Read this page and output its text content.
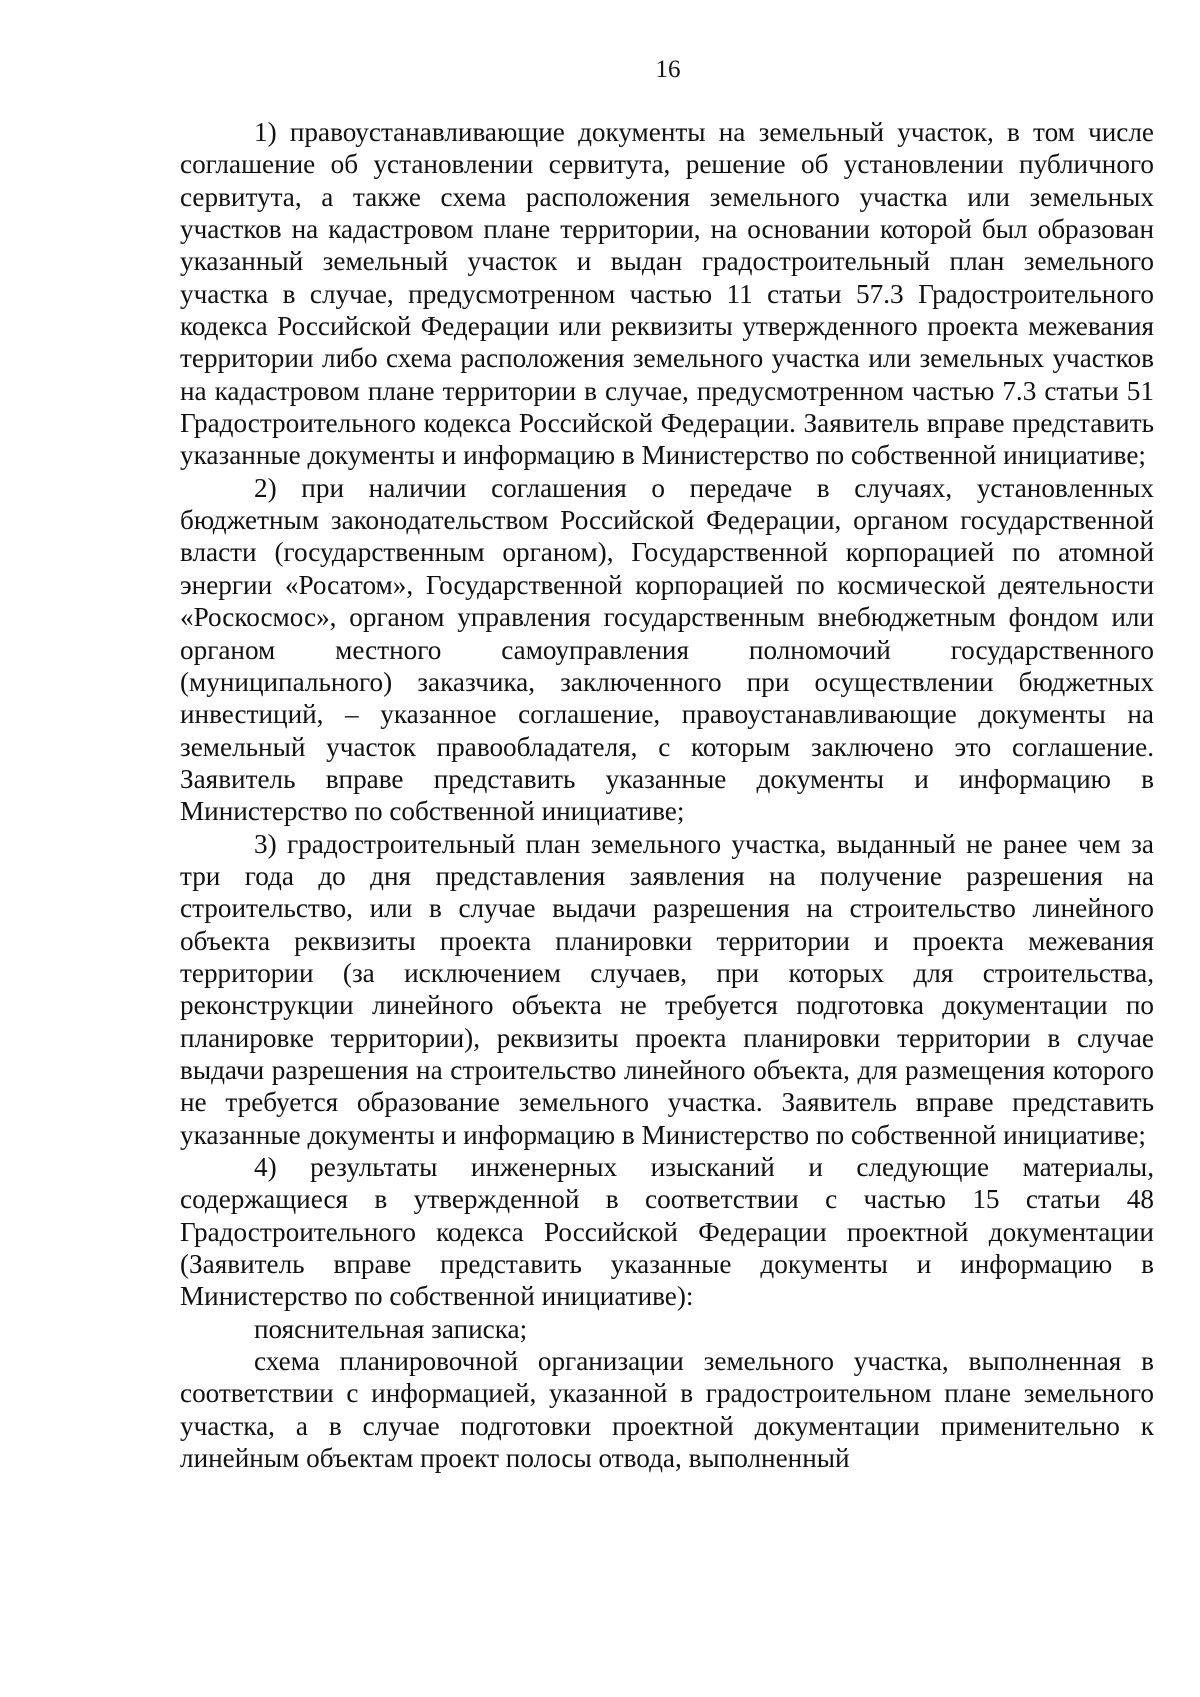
16

1) правоустанавливающие документы на земельный участок, в том числе соглашение об установлении сервитута, решение об установлении публичного сервитута, а также схема расположения земельного участка или земельных участков на кадастровом плане территории, на основании которой был образован указанный земельный участок и выдан градостроительный план земельного участка в случае, предусмотренном частью 11 статьи 57.3 Градостроительного кодекса Российской Федерации или реквизиты утвержденного проекта межевания территории либо схема расположения земельного участка или земельных участков на кадастровом плане территории в случае, предусмотренном частью 7.3 статьи 51 Градостроительного кодекса Российской Федерации. Заявитель вправе представить указанные документы и информацию в Министерство по собственной инициативе;

2) при наличии соглашения о передаче в случаях, установленных бюджетным законодательством Российской Федерации, органом государственной власти (государственным органом), Государственной корпорацией по атомной энергии «Росатом», Государственной корпорацией по космической деятельности «Роскосмос», органом управления государственным внебюджетным фондом или органом местного самоуправления полномочий государственного (муниципального) заказчика, заключенного при осуществлении бюджетных инвестиций, – указанное соглашение, правоустанавливающие документы на земельный участок правообладателя, с которым заключено это соглашение. Заявитель вправе представить указанные документы и информацию в Министерство по собственной инициативе;

3) градостроительный план земельного участка, выданный не ранее чем за три года до дня представления заявления на получение разрешения на строительство, или в случае выдачи разрешения на строительство линейного объекта реквизиты проекта планировки территории и проекта межевания территории (за исключением случаев, при которых для строительства, реконструкции линейного объекта не требуется подготовка документации по планировке территории), реквизиты проекта планировки территории в случае выдачи разрешения на строительство линейного объекта, для размещения которого не требуется образование земельного участка. Заявитель вправе представить указанные документы и информацию в Министерство по собственной инициативе;

4) результаты инженерных изысканий и следующие материалы, содержащиеся в утвержденной в соответствии с частью 15 статьи 48 Градостроительного кодекса Российской Федерации проектной документации (Заявитель вправе представить указанные документы и информацию в Министерство по собственной инициативе):

пояснительная записка;

схема планировочной организации земельного участка, выполненная в соответствии с информацией, указанной в градостроительном плане земельного участка, а в случае подготовки проектной документации применительно к линейным объектам проект полосы отвода, выполненный
